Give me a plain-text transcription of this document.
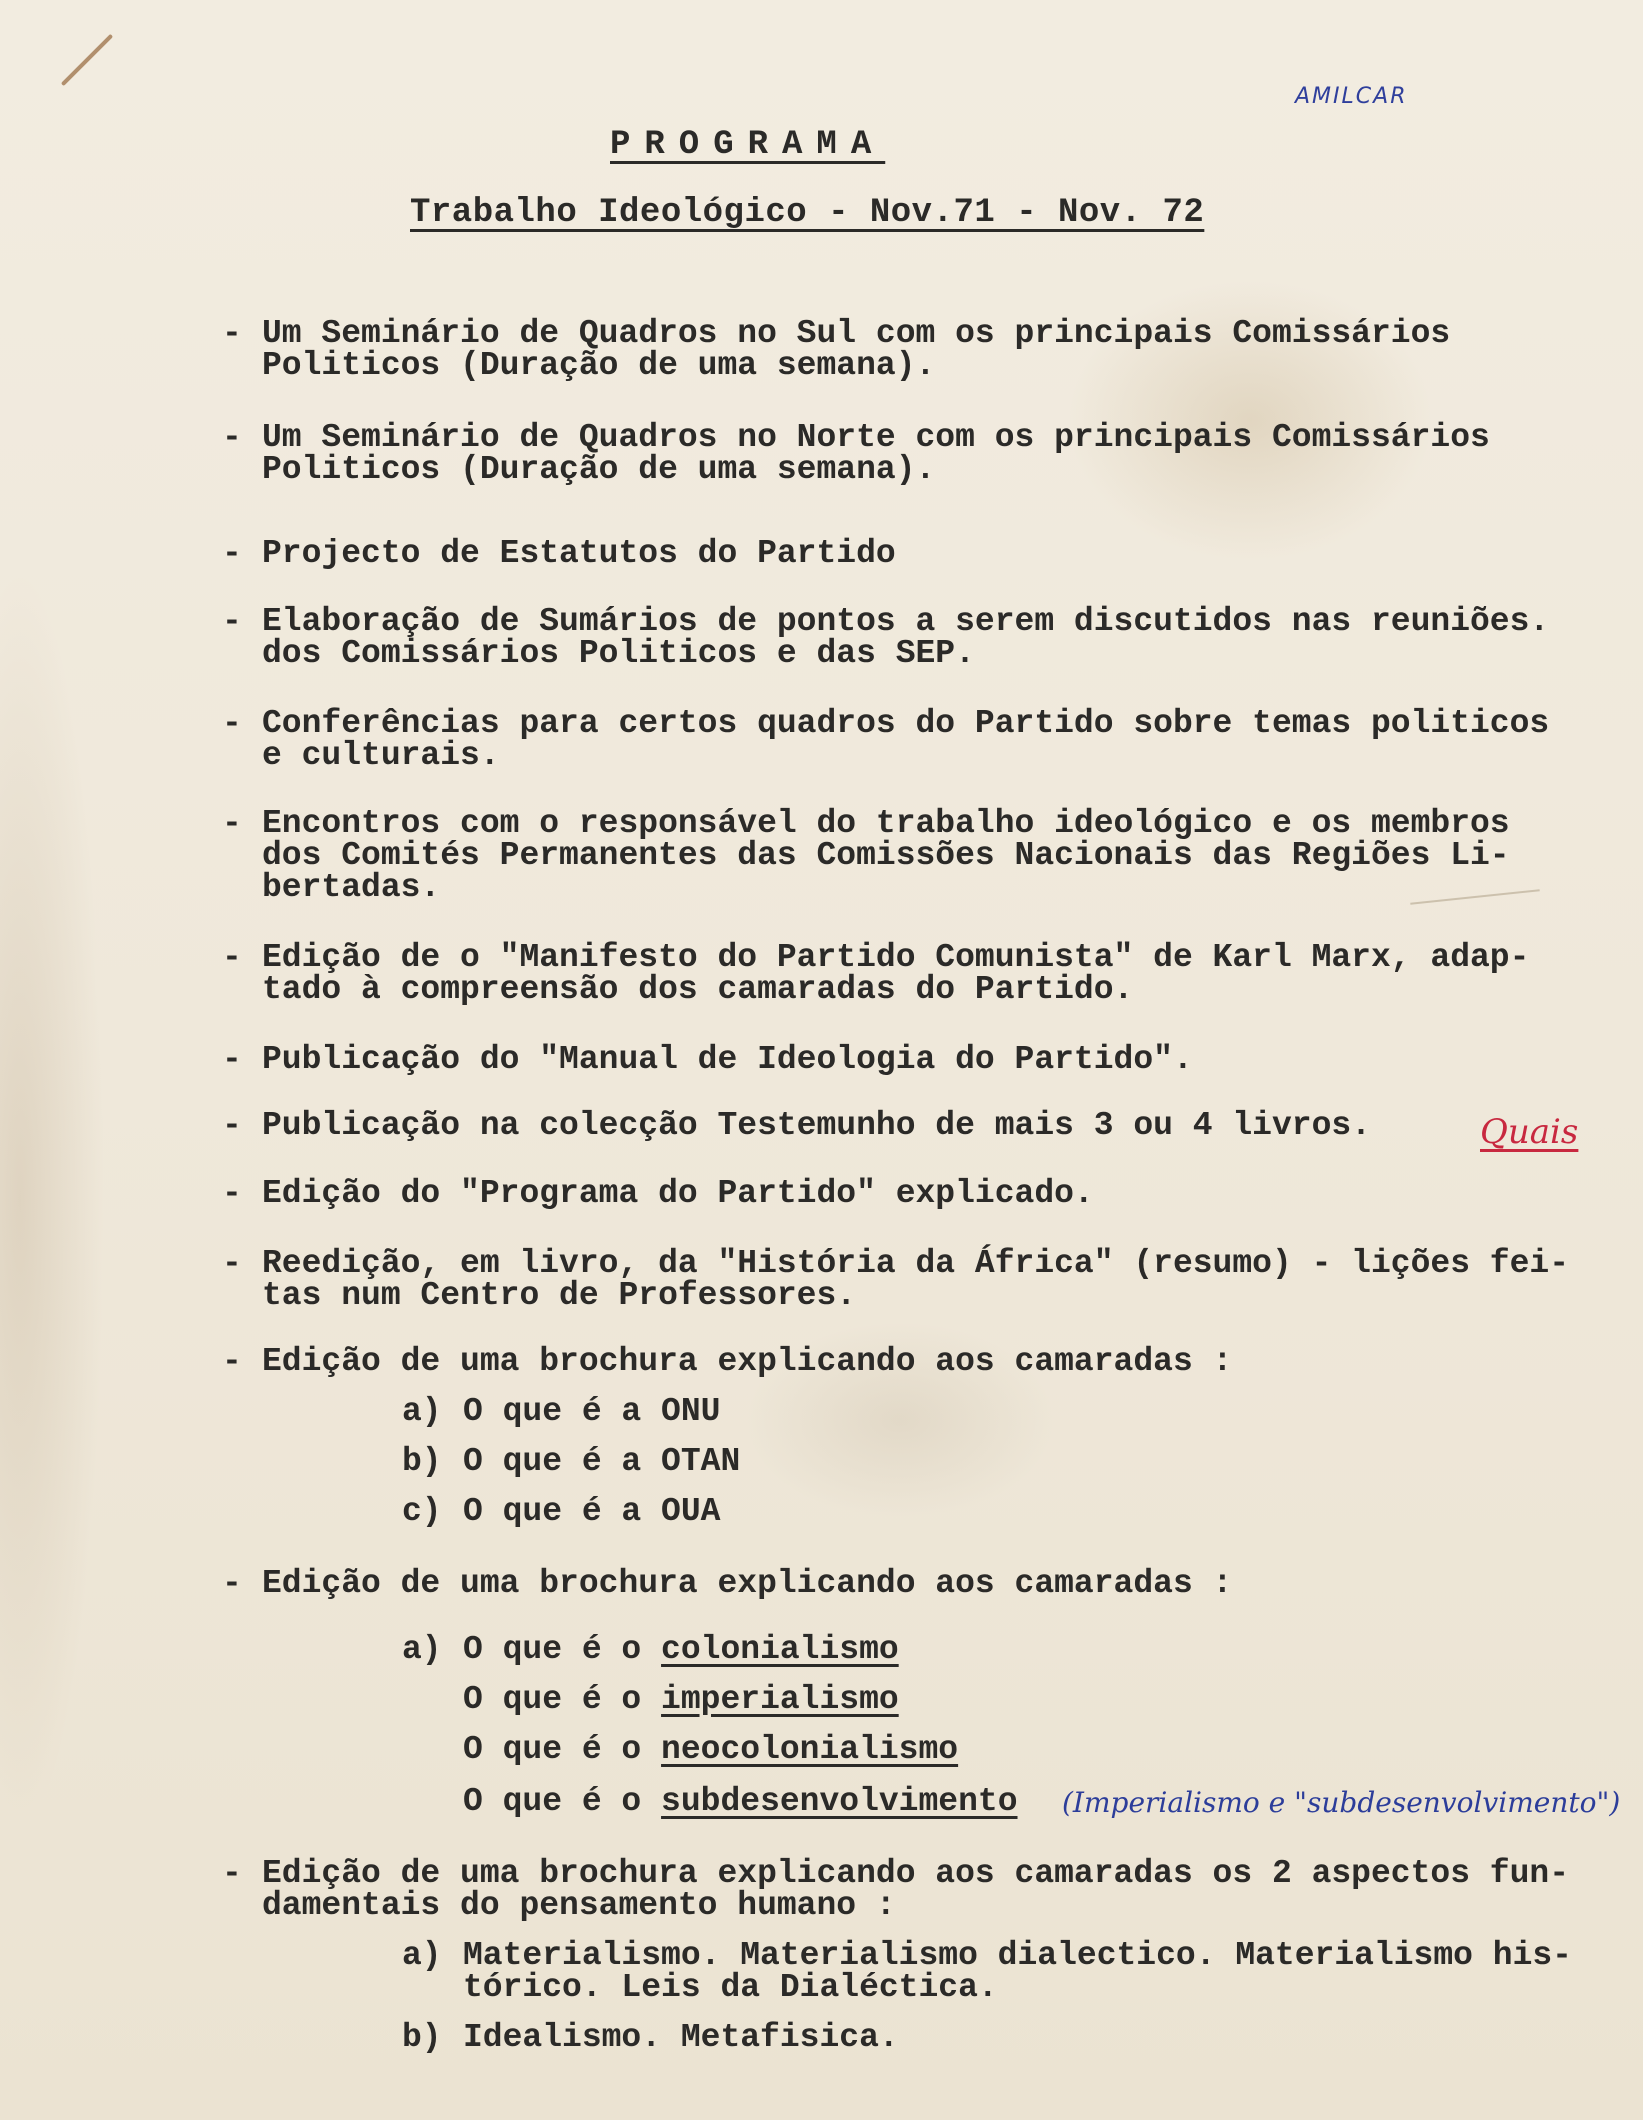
AMILCAR
PROGRAMA
Trabalho Ideológico - Nov.71 - Nov. 72
- Um Seminário de Quadros no Sul com os principais Comissários
Politicos (Duração de uma semana).
- Um Seminário de Quadros no Norte com os principais Comissários
Politicos (Duração de uma semana).
- Projecto de Estatutos do Partido
- Elaboração de Sumários de pontos a serem discutidos nas reuniões.
dos Comissários Politicos e das SEP.
- Conferências para certos quadros do Partido sobre temas politicos
e culturais.
- Encontros com o responsável do trabalho ideológico e os membros
dos Comités Permanentes das Comissões Nacionais das Regiões Li-
bertadas.
- Edição de o "Manifesto do Partido Comunista" de Karl Marx, adap-
tado à compreensão dos camaradas do Partido.
- Publicação do "Manual de Ideologia do Partido".
- Publicação na colecção Testemunho de mais 3 ou 4 livros.	Quais
- Edição do "Programa do Partido" explicado.
- Reedição, em livro, da "História da África" (resumo) - lições fei-
tas num Centro de Professores.
- Edição de uma brochura explicando aos camaradas :
a) O que é a ONU
b) O que é a OTAN
c) O que é a OUA
- Edição de uma brochura explicando aos camaradas :
a) O que é o colonialismo
O que é o imperialismo
O que é o neocolonialismo
O que é o subdesenvolvimento (Imperialismo e "subdesenvolvimento")
- Edição de uma brochura explicando aos camaradas os 2 aspectos fun-
damentais do pensamento humano :
a) Materialismo. Materialismo dialectico. Materialismo his-
tórico. Leis da Dialéctica.
b) Idealismo. Metafisica.
